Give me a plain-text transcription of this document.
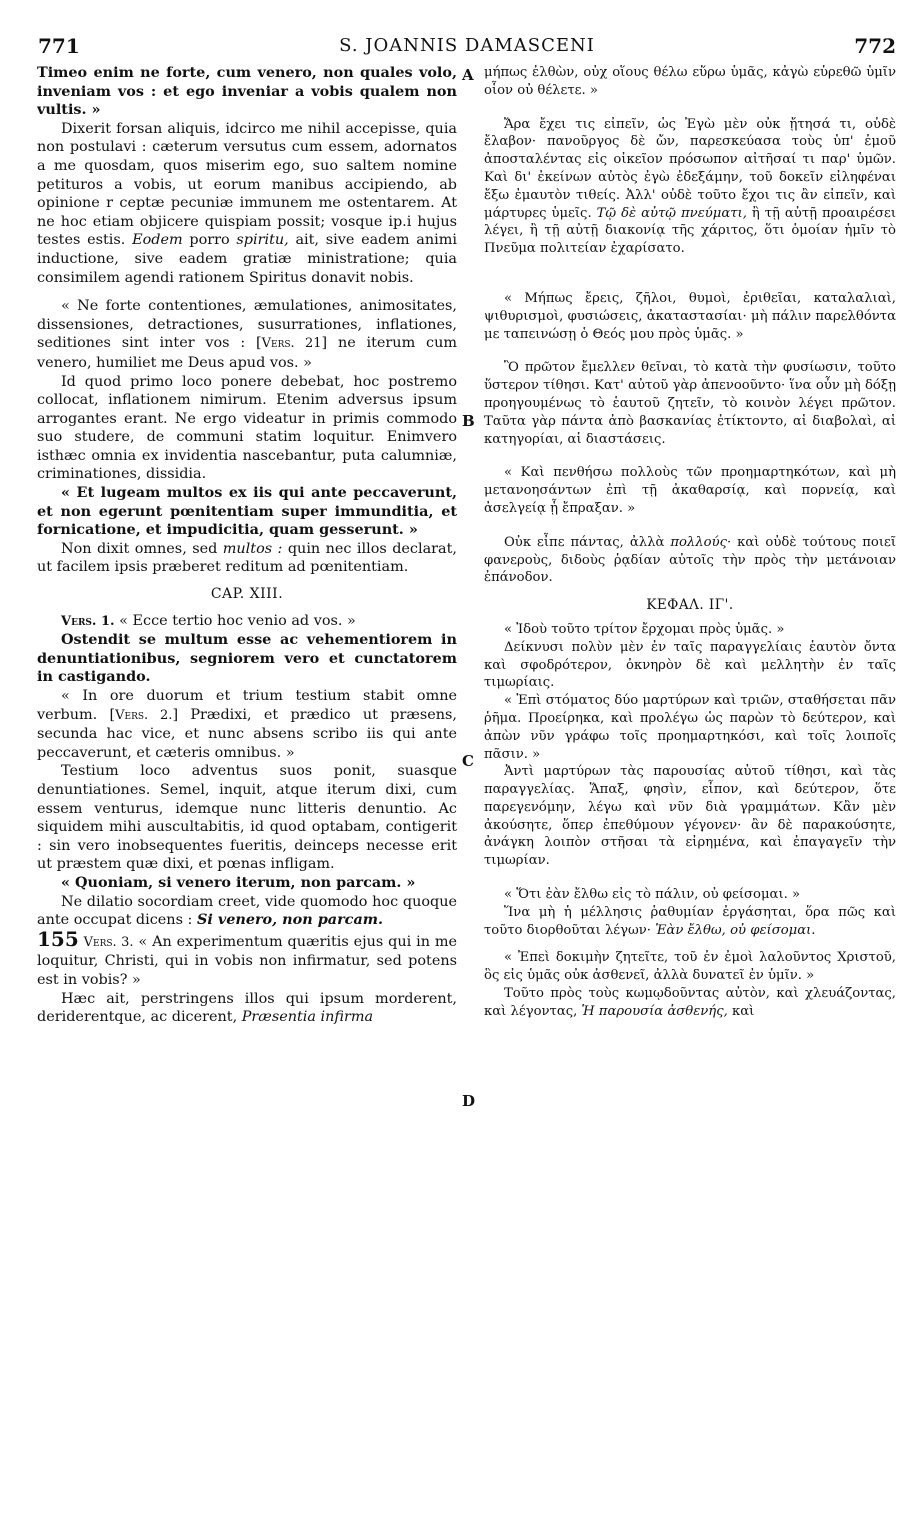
771	S. JOANNIS DAMASCENI	772
A
B
C
D

Timeo enim ne forte, cum venero, non quales volo, inveniam vos : et ego inveniar a vobis qualem non vultis. »

Dixerit forsan aliquis, idcirco me nihil accepisse, quia non postulavi : cæterum versutus cum essem, adornatos a me quosdam, quos miserim ego, suo saltem nomine petituros a vobis, ut eorum manibus accipiendo, ab opinione r ceptæ pecuniæ immunem me ostentarem. At ne hoc etiam objicere quispiam possit; vosque ip.i hujus testes estis. Eodem porro spiritu, ait, sive eadem animi inductione, sive eadem gratiæ ministratione; quia consimilem agendi rationem Spiritus donavit nobis.

« Ne forte contentiones, æmulationes, animositates, dissensiones, detractiones, susurrationes, inflationes, seditiones sint inter vos : [Vers. 21] ne iterum cum venero, humiliet me Deus apud vos. »

Id quod primo loco ponere debebat, hoc postremo collocat, inflationem nimirum. Etenim adversus ipsum arrogantes erant. Ne ergo videatur in primis commodo suo studere, de communi statim loquitur. Enimvero isthæc omnia ex invidentia nascebantur, puta calumniæ, criminationes, dissidia.

« Et lugeam multos ex iis qui ante peccaverunt, et non egerunt pœnitentiam super immunditia, et fornicatione, et impudicitia, quam gesserunt. »

Non dixit omnes, sed multos : quin nec illos declarat, ut facilem ipsis præberet reditum ad pœnitentiam.

CAP. XIII.

Vers. 1. « Ecce tertio hoc venio ad vos. »

Ostendit se multum esse ac vehementiorem in denuntiationibus, segniorem vero et cunctatorem in castigando.

« In ore duorum et trium testium stabit omne verbum. [Vers. 2.] Prædixi, et prædico ut præsens, secunda hac vice, et nunc absens scribo iis qui ante peccaverunt, et cæteris omnibus. »

Testium loco adventus suos ponit, suasque denuntiationes. Semel, inquit, atque iterum dixi, cum essem venturus, idemque nunc litteris denuntio. Ac siquidem mihi auscultabitis, id quod optabam, contigerit : sin vero inobsequentes fueritis, deinceps necesse erit ut præstem quæ dixi, et pœnas infligam.

« Quoniam, si venero iterum, non parcam. »

Ne dilatio socordiam creet, vide quomodo hoc quoque ante occupat dicens : Si venero, non parcam.

155 Vers. 3. « An experimentum quæritis ejus qui in me loquitur, Christi, qui in vobis non infirmatur, sed potens est in vobis? »

Hæc ait, perstringens illos qui ipsum morderent, deriderentque, ac dicerent, Præsentia infirma

μήπως ἐλθὼν, οὐχ οἵους θέλω εὕρω ὑμᾶς, κἀγὼ εὑρεθῶ ὑμῖν οἷον οὐ θέλετε. »

Ἄρα ἔχει τις εἰπεῖν, ὡς Ἐγὼ μὲν οὐκ ᾔτησά τι, οὐδὲ ἔλαβον· πανοῦργος δὲ ὤν, παρεσκεύασα τοὺς ὑπ' ἐμοῦ ἀποσταλέντας εἰς οἰκεῖον πρόσωπον αἰτῆσαί τι παρ' ὑμῶν. Καὶ δι' ἐκείνων αὐτὸς ἐγὼ ἐδεξάμην, τοῦ δοκεῖν εἰληφέναι ἔξω ἐμαυτὸν τιθείς. Ἀλλ' οὐδὲ τοῦτο ἔχοι τις ἂν εἰπεῖν, καὶ μάρτυρες ὑμεῖς. Τῷ δὲ αὐτῷ πνεύματι, ἢ τῇ αὐτῇ προαιρέσει λέγει, ἢ τῇ αὐτῇ διακονίᾳ τῆς χάριτος, ὅτι ὁμοίαν ἡμῖν τὸ Πνεῦμα πολιτείαν ἐχαρίσατο.

« Μήπως ἔρεις, ζῆλοι, θυμοὶ, ἐριθεῖαι, καταλαλιαὶ, ψιθυρισμοὶ, φυσιώσεις, ἀκαταστασίαι· μὴ πάλιν παρελθόντα με ταπεινώσῃ ὁ Θεός μου πρὸς ὑμᾶς. »

Ὃ πρῶτον ἔμελλεν θεῖναι, τὸ κατὰ τὴν φυσίωσιν, τοῦτο ὕστερον τίθησι. Κατ' αὐτοῦ γὰρ ἀπενοοῦντο· ἵνα οὖν μὴ δόξῃ προηγουμένως τὸ ἑαυτοῦ ζητεῖν, τὸ κοινὸν λέγει πρῶτον. Ταῦτα γὰρ πάντα ἀπὸ βασκανίας ἐτίκτοντο, αἱ διαβολαὶ, αἱ κατηγορίαι, αἱ διαστάσεις.

« Καὶ πενθήσω πολλοὺς τῶν προημαρτηκότων, καὶ μὴ μετανοησάντων ἐπὶ τῇ ἀκαθαρσίᾳ, καὶ πορνείᾳ, καὶ ἀσελγείᾳ ᾗ ἔπραξαν. »

Οὐκ εἶπε πάντας, ἀλλὰ πολλούς· καὶ οὐδὲ τούτους ποιεῖ φανεροὺς, διδοὺς ῥᾳδίαν αὐτοῖς τὴν πρὸς τὴν μετάνοιαν ἐπάνοδον.

ΚΕΦΑΛ. ΙΓ'.

« Ἰδοὺ τοῦτο τρίτον ἔρχομαι πρὸς ὑμᾶς. »

Δείκνυσι πολὺν μὲν ἐν ταῖς παραγγελίαις ἑαυτὸν ὄντα καὶ σφοδρότερον, ὀκνηρὸν δὲ καὶ μελλητὴν ἐν ταῖς τιμωρίαις.

« Ἐπὶ στόματος δύο μαρτύρων καὶ τριῶν, σταθήσεται πᾶν ῥῆμα. Προείρηκα, καὶ προλέγω ὡς παρὼν τὸ δεύτερον, καὶ ἀπὼν νῦν γράφω τοῖς προημαρτηκόσι, καὶ τοῖς λοιποῖς πᾶσιν. »

Ἀντὶ μαρτύρων τὰς παρουσίας αὐτοῦ τίθησι, καὶ τὰς παραγγελίας. Ἅπαξ, φησὶν, εἶπον, καὶ δεύτερον, ὅτε παρεγενόμην, λέγω καὶ νῦν διὰ γραμμάτων. Κἂν μὲν ἀκούσητε, ὅπερ ἐπεθύμουν γέγονεν· ἂν δὲ παρακούσητε, ἀνάγκη λοιπὸν στῆσαι τὰ εἰρημένα, καὶ ἐπαγαγεῖν τὴν τιμωρίαν.

« Ὅτι ἐὰν ἔλθω εἰς τὸ πάλιν, οὐ φείσομαι. »

Ἵνα μὴ ἡ μέλλησις ῥαθυμίαν ἐργάσηται, ὅρα πῶς καὶ τοῦτο διορθοῦται λέγων· Ἐὰν ἔλθω, οὐ φείσομαι.

« Ἐπεὶ δοκιμὴν ζητεῖτε, τοῦ ἐν ἐμοὶ λαλοῦντος Χριστοῦ, ὃς εἰς ὑμᾶς οὐκ ἀσθενεῖ, ἀλλὰ δυνατεῖ ἐν ὑμῖν. »

Τοῦτο πρὸς τοὺς κωμῳδοῦντας αὐτὸν, καὶ χλευάζοντας, καὶ λέγοντας, Ἡ παρουσία ἀσθενής, καὶ
